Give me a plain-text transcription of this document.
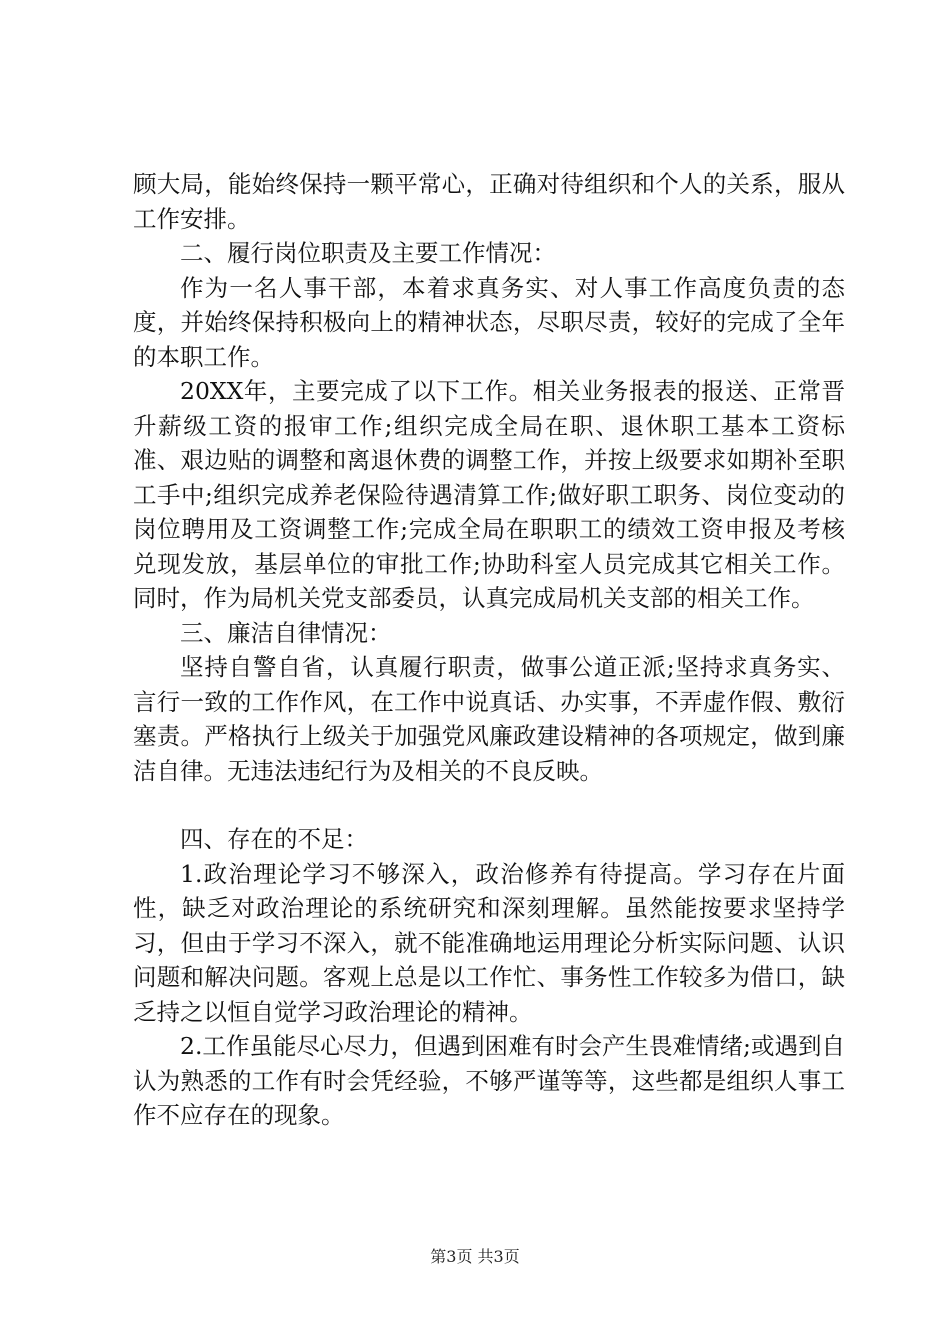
顾大局，能始终保持一颗平常心，正确对待组织和个人的关系，服从工作安排。

二、履行岗位职责及主要工作情况：

作为一名人事干部，本着求真务实、对人事工作高度负责的态度，并始终保持积极向上的精神状态，尽职尽责，较好的完成了全年的本职工作。

20XX年，主要完成了以下工作。相关业务报表的报送、正常晋升薪级工资的报审工作;组织完成全局在职、退休职工基本工资标准、艰边贴的调整和离退休费的调整工作，并按上级要求如期补至职工手中;组织完成养老保险待遇清算工作;做好职工职务、岗位变动的岗位聘用及工资调整工作;完成全局在职职工的绩效工资申报及考核兑现发放，基层单位的审批工作;协助科室人员完成其它相关工作。同时，作为局机关党支部委员，认真完成局机关支部的相关工作。

三、廉洁自律情况：

坚持自警自省，认真履行职责，做事公道正派;坚持求真务实、言行一致的工作作风，在工作中说真话、办实事，不弄虚作假、敷衍塞责。严格执行上级关于加强党风廉政建设精神的各项规定，做到廉洁自律。无违法违纪行为及相关的不良反映。

四、存在的不足：

1.政治理论学习不够深入，政治修养有待提高。学习存在片面性，缺乏对政治理论的系统研究和深刻理解。虽然能按要求坚持学习，但由于学习不深入，就不能准确地运用理论分析实际问题、认识问题和解决问题。客观上总是以工作忙、事务性工作较多为借口，缺乏持之以恒自觉学习政治理论的精神。

2.工作虽能尽心尽力，但遇到困难有时会产生畏难情绪;或遇到自认为熟悉的工作有时会凭经验，不够严谨等等，这些都是组织人事工作不应存在的现象。

第3页 共3页
